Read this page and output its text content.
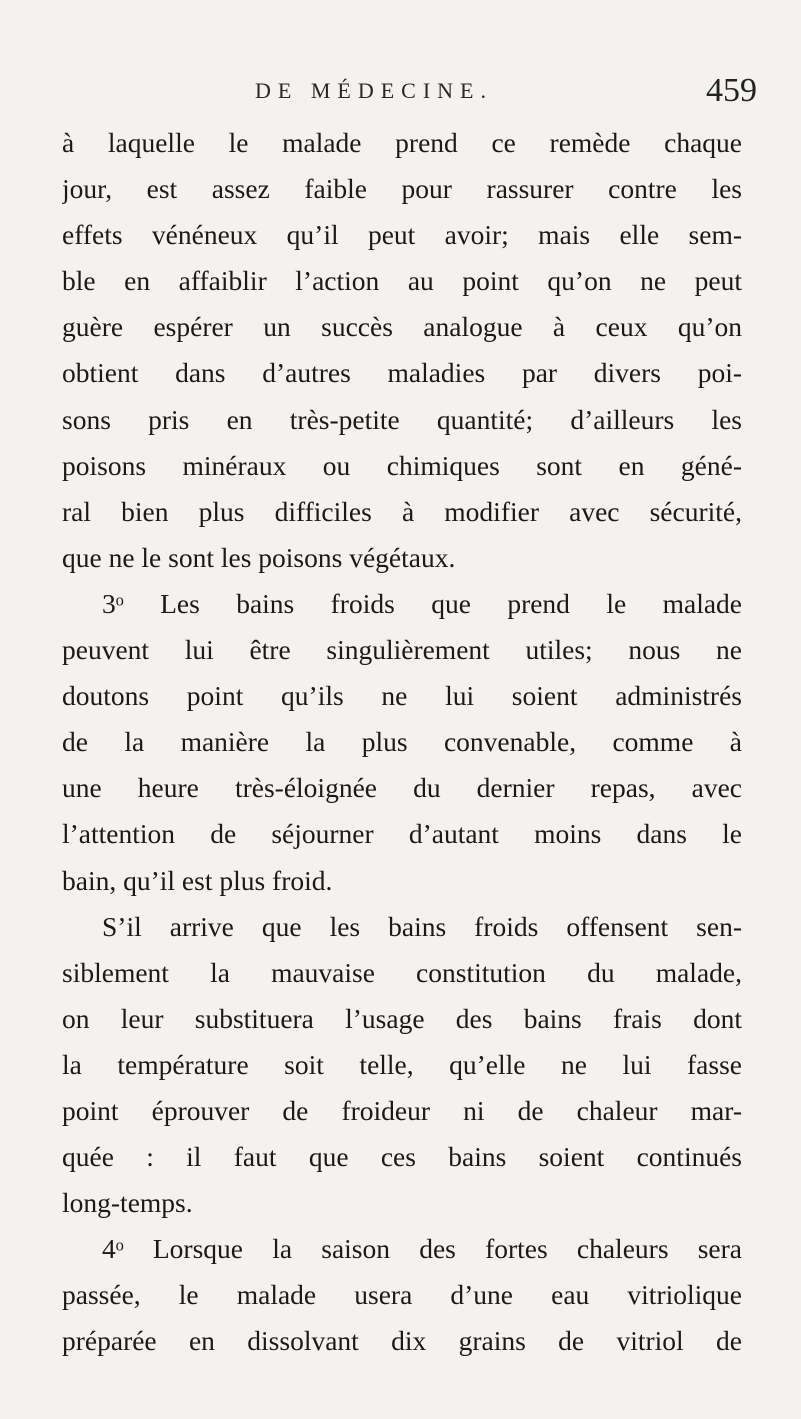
DE MÉDECINE.	459
à laquelle le malade prend ce remède chaque
jour, est assez faible pour rassurer contre les
effets vénéneux qu’il peut avoir; mais elle sem-
ble en affaiblir l’action au point qu’on ne peut
guère espérer un succès analogue à ceux qu’on
obtient dans d’autres maladies par divers poi-
sons pris en très-petite quantité; d’ailleurs les
poisons minéraux ou chimiques sont en géné-
ral bien plus difficiles à modifier avec sécurité,
que ne le sont les poisons végétaux.
3ᵒ Les bains froids que prend le malade
peuvent lui être singulièrement utiles; nous ne
doutons point qu’ils ne lui soient administrés
de la manière la plus convenable, comme à
une heure très-éloignée du dernier repas, avec
l’attention de séjourner d’autant moins dans le
bain, qu’il est plus froid.
S’il arrive que les bains froids offensent sen-
siblement la mauvaise constitution du malade,
on leur substituera l’usage des bains frais dont
la température soit telle, qu’elle ne lui fasse
point éprouver de froideur ni de chaleur mar-
quée : il faut que ces bains soient continués
long-temps.
4ᵒ Lorsque la saison des fortes chaleurs sera
passée, le malade usera d’une eau vitriolique
préparée en dissolvant dix grains de vitriol de
